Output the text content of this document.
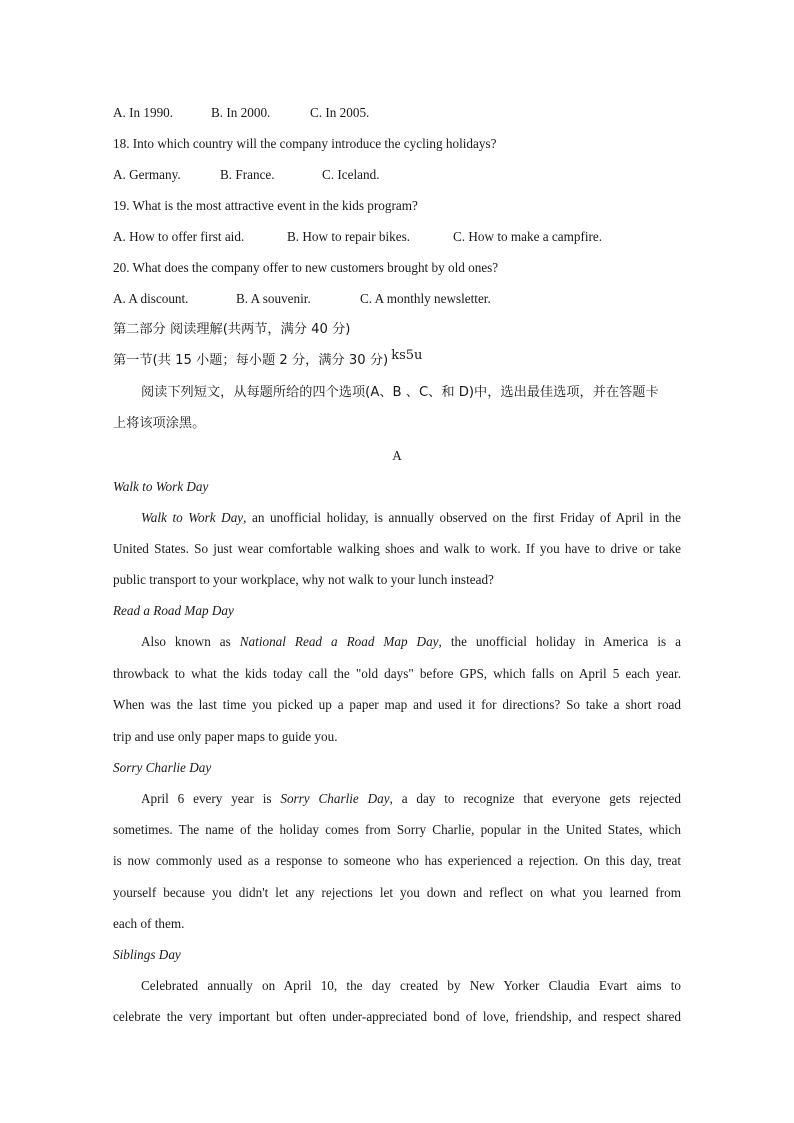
A. In 1990.	B. In 2000.	C. In 2005.
18. Into which country will the company introduce the cycling holidays?
A. Germany.	B. France.	C. Iceland.
19. What is the most attractive event in the kids program?
A. How to offer first aid.	B. How to repair bikes.	C. How to make a campfire.
20. What does the company offer to new customers brought by old ones?
A. A discount.	B. A souvenir.	C. A monthly newsletter.
第二部分 阅读理解(共两节，满分 40 分)
第一节(共 15 小题；每小题 2 分，满分 30 分) ks5u
阅读下列短文，从每题所给的四个选项(A、B 、C、和 D)中，选出最佳选项，并在答题卡
上将该项涂黑。
A
Walk to Work Day
Walk to Work Day, an unofficial holiday, is annually observed on the first Friday of April in the
United States. So just wear comfortable walking shoes and walk to work. If you have to drive or take
public transport to your workplace, why not walk to your lunch instead?
Read a Road Map Day
Also known as National Read a Road Map Day, the unofficial holiday in America is a
throwback to what the kids today call the "old days" before GPS, which falls on April 5 each year.
When was the last time you picked up a paper map and used it for directions? So take a short road
trip and use only paper maps to guide you.
Sorry Charlie Day
April 6 every year is Sorry Charlie Day, a day to recognize that everyone gets rejected
sometimes. The name of the holiday comes from Sorry Charlie, popular in the United States, which
is now commonly used as a response to someone who has experienced a rejection. On this day, treat
yourself because you didn't let any rejections let you down and reflect on what you learned from
each of them.
Siblings Day
Celebrated annually on April 10, the day created by New Yorker Claudia Evart aims to
celebrate the very important but often under-appreciated bond of love, friendship, and respect shared
